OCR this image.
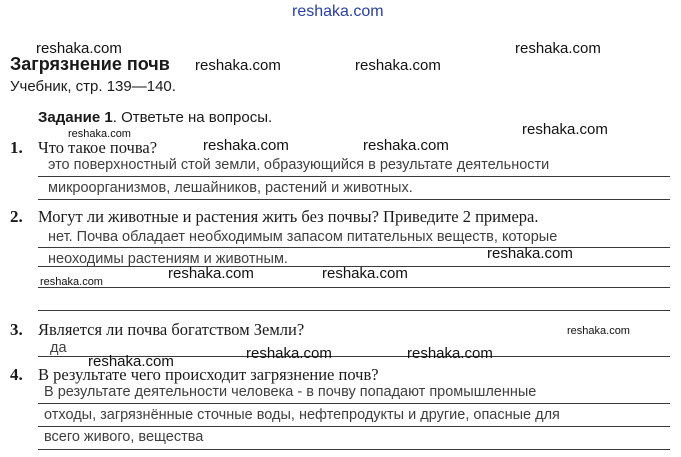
reshaka.com
Загрязнение почв
Учебник, стр. 139—140.
Задание 1. Ответьте на вопросы.
1. Что такое почва?
это поверхностный стой земли, образующийся в результате деятельности
микроорганизмов, лешайников, растений и животных.
2. Могут ли животные и растения жить без почвы? Приведите 2 примера.
нет. Почва обладает необходимым запасом питательных веществ, которые
неоходимы растениям и животным.
3. Является ли почва богатством Земли?
да
4. В результате чего происходит загрязнение почв?
В результате деятельности человека - в почву попадают промышленные
отходы, загрязнённые сточные воды, нефтепродукты и другие, опасные для
всего живого, вещества
reshaka.com	reshaka.com
reshaka.com	reshaka.com
reshaka.com	reshaka.com
reshaka.com	reshaka.com
reshaka.com
reshaka.com	reshaka.com
reshaka.com
reshaka.com
reshaka.com	reshaka.com
reshaka.com
